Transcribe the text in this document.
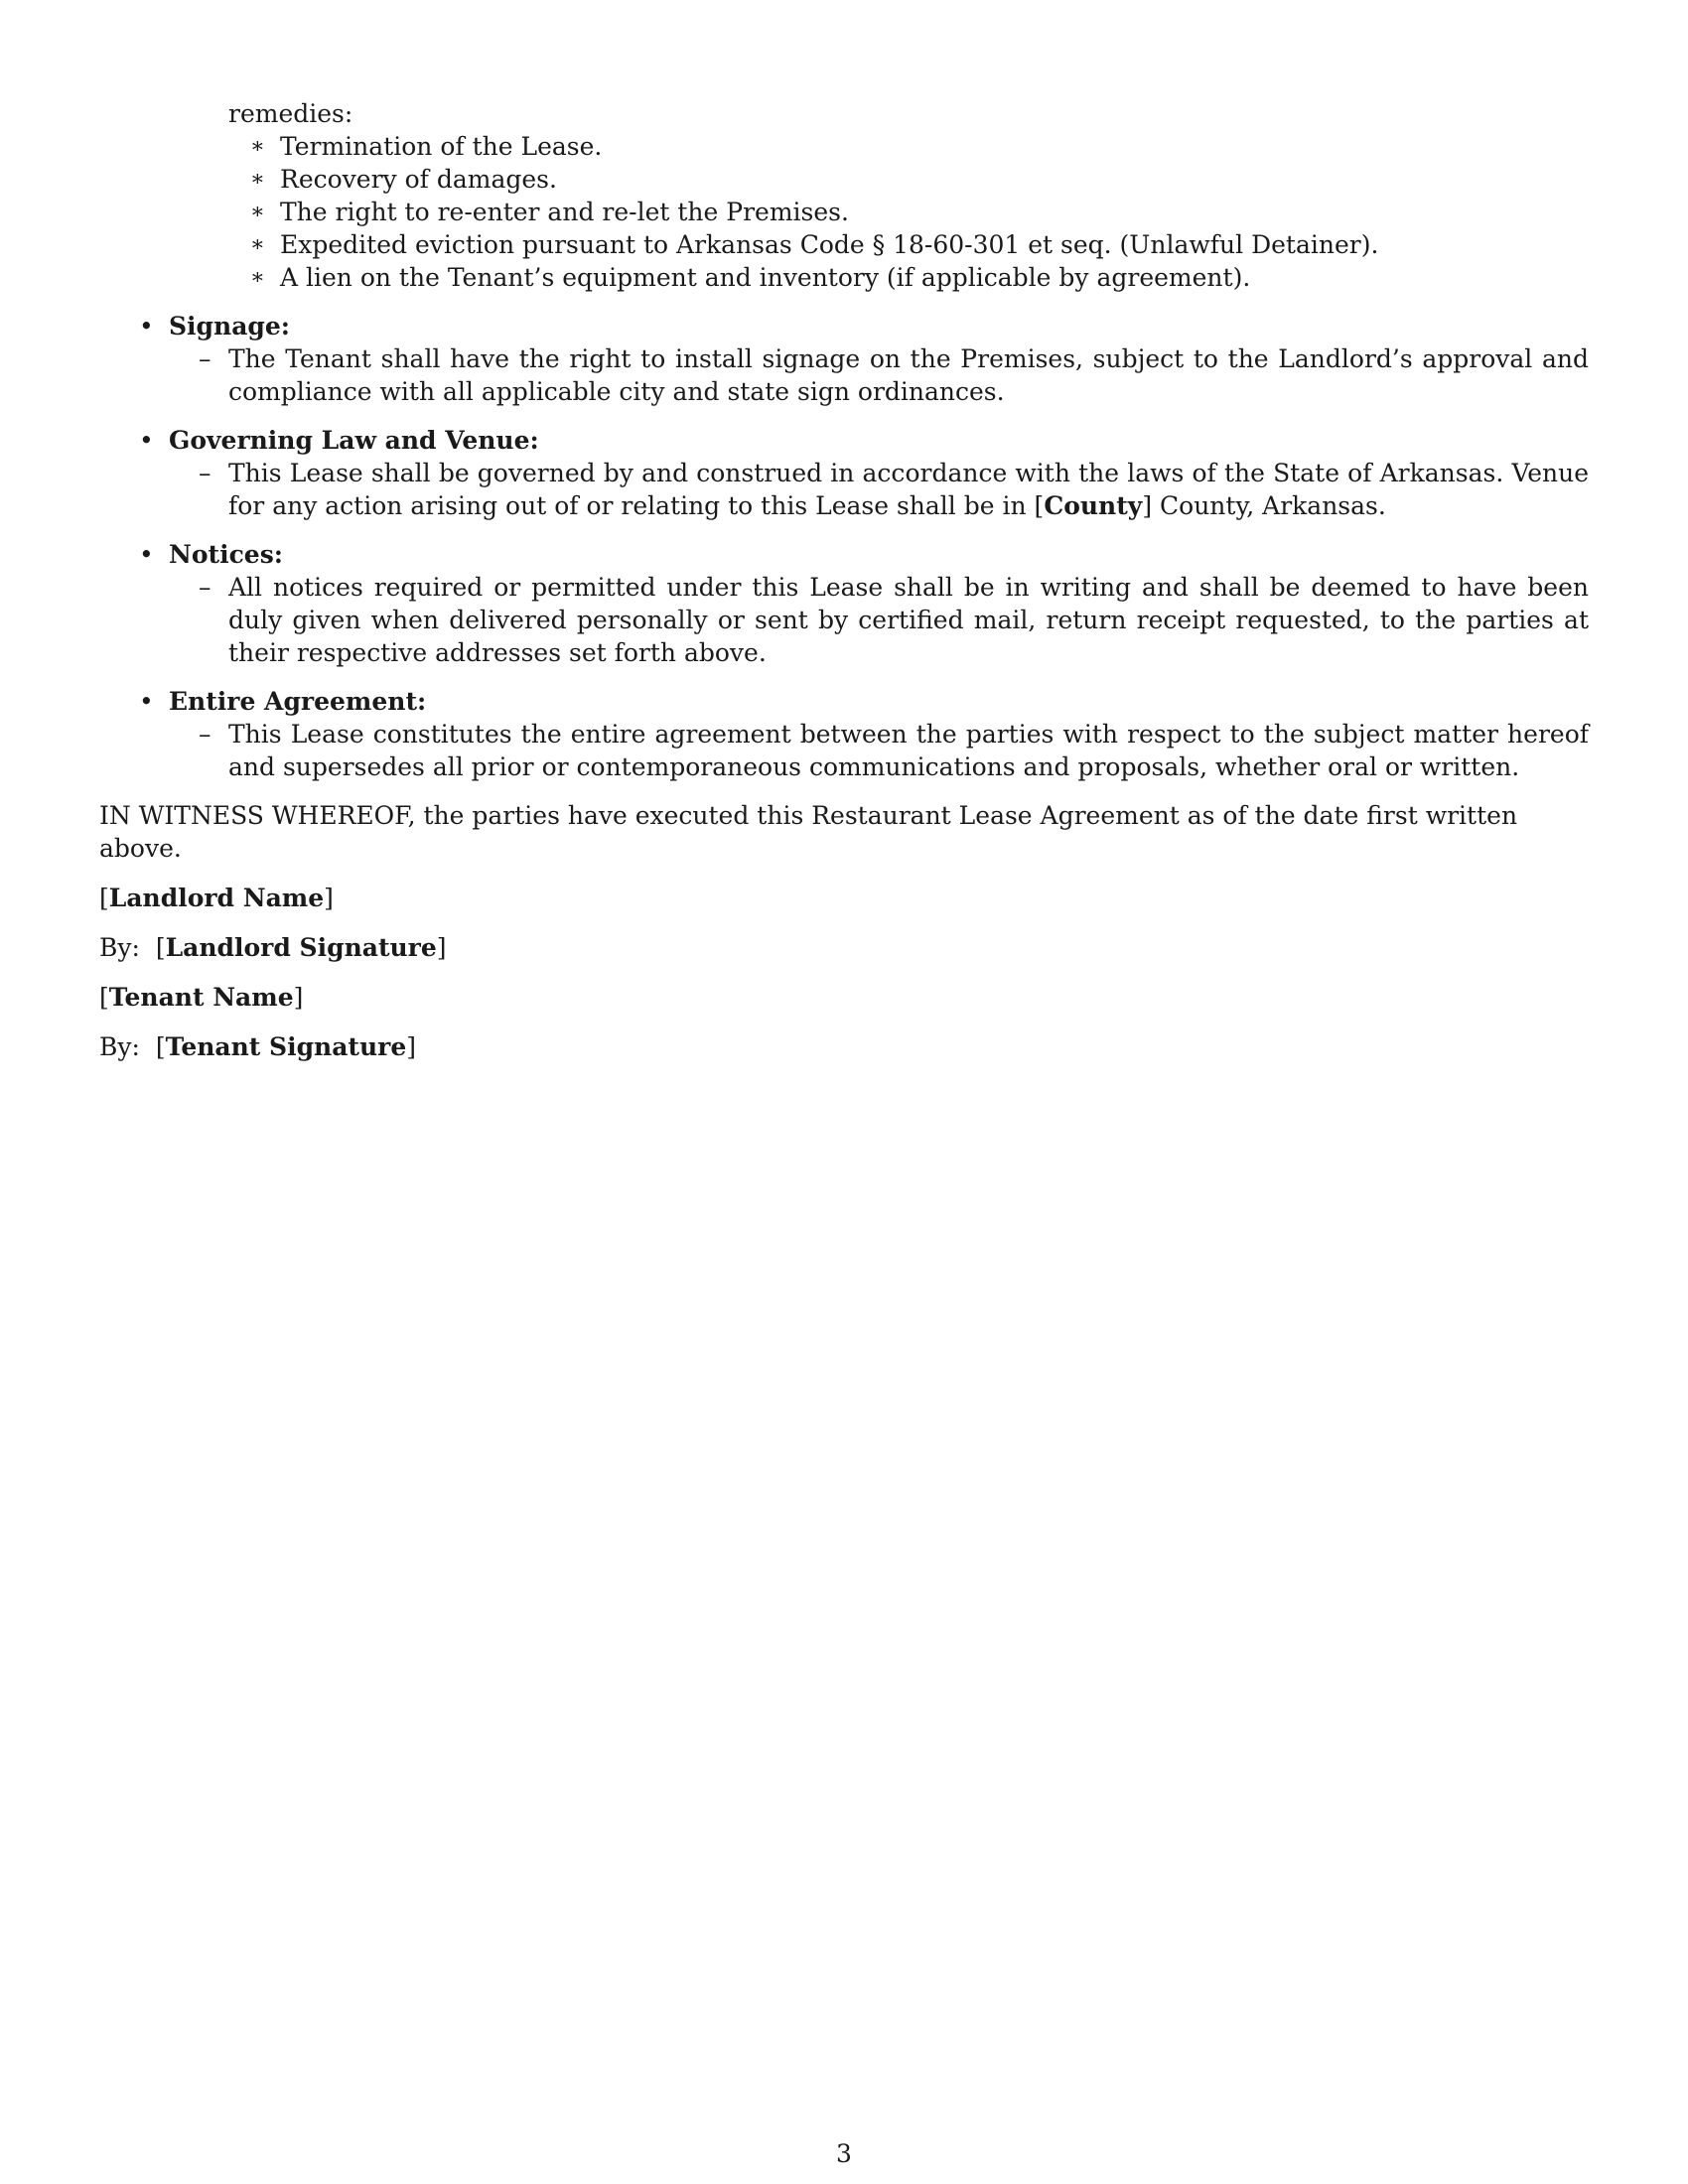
remedies:
∗ Termination of the Lease.
∗ Recovery of damages.
∗ The right to re-enter and re-let the Premises.
∗ Expedited eviction pursuant to Arkansas Code § 18-60-301 et seq. (Unlawful Detainer).
∗ A lien on the Tenant’s equipment and inventory (if applicable by agreement).
• Signage:
– The Tenant shall have the right to install signage on the Premises, subject to the Landlord’s approval and compliance with all applicable city and state sign ordinances.
• Governing Law and Venue:
– This Lease shall be governed by and construed in accordance with the laws of the State of Arkansas. Venue for any action arising out of or relating to this Lease shall be in [County] County, Arkansas.
• Notices:
– All notices required or permitted under this Lease shall be in writing and shall be deemed to have been duly given when delivered personally or sent by certified mail, return receipt requested, to the parties at their respective addresses set forth above.
• Entire Agreement:
– This Lease constitutes the entire agreement between the parties with respect to the subject matter hereof and supersedes all prior or contemporaneous communications and proposals, whether oral or written.
IN WITNESS WHEREOF, the parties have executed this Restaurant Lease Agreement as of the date first written above.
[Landlord Name]
By:  [Landlord Signature]
[Tenant Name]
By:  [Tenant Signature]
3
